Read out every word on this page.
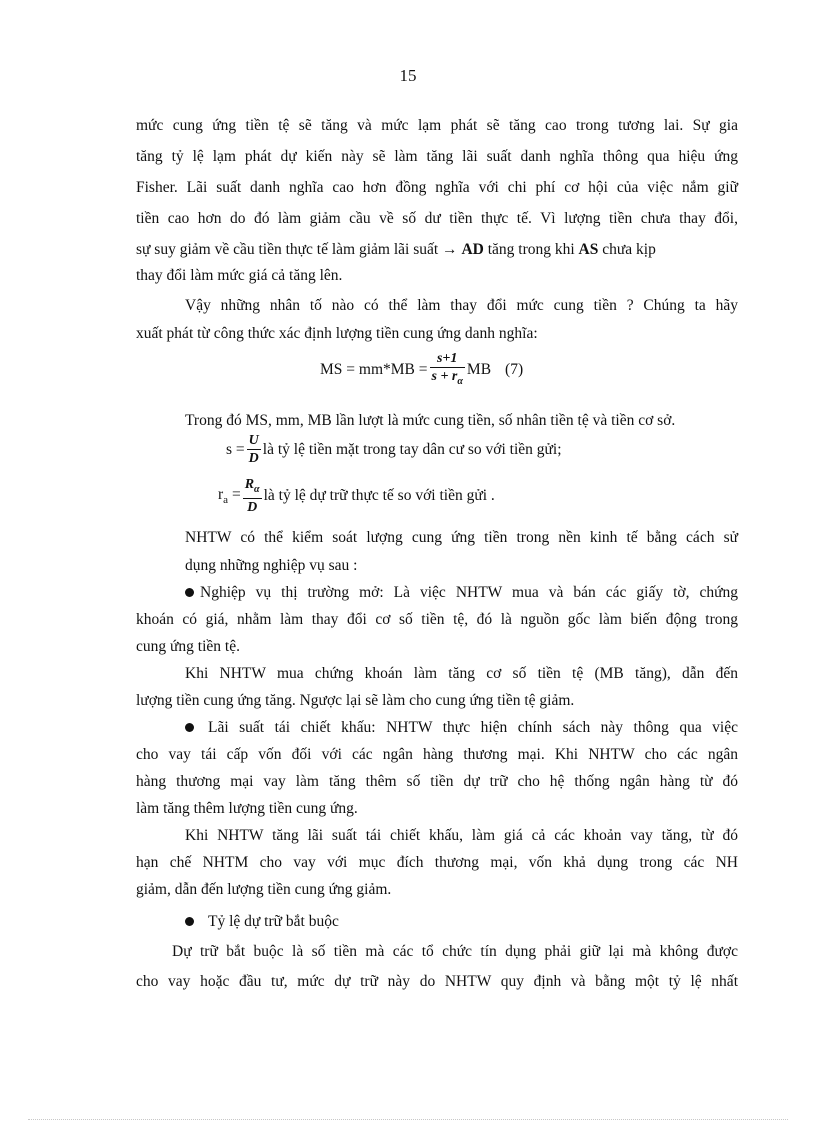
15
mức cung ứng tiền tệ sẽ tăng và mức lạm phát sẽ tăng cao trong tương lai. Sự gia
tăng tỷ lệ lạm phát dự kiến này sẽ làm tăng lãi suất danh nghĩa thông qua hiệu ứng
Fisher. Lãi suất danh nghĩa cao hơn đồng nghĩa với chi phí cơ hội của việc nắm giữ
tiền cao hơn do đó làm giảm cầu về số dư tiền thực tế. Vì lượng tiền chưa thay đổi,
sự suy giảm về cầu tiền thực tế làm giảm lãi suất → AD tăng trong khi AS chưa kịp
thay đổi làm mức giá cả tăng lên.
Vậy những nhân tố nào có thể làm thay đổi mức cung tiền ? Chúng ta hãy
xuất phát từ công thức xác định lượng tiền cung ứng danh nghĩa:
MS = $mm*MB = \frac{s+1}{s + r_\alpha}$ MB (7)
Trong đó MS, mm, MB lần lượt là mức cung tiền, số nhân tiền tệ và tiền cơ sở.
$s = \frac{U}{D}$ là tỷ lệ tiền mặt trong tay dân cư so với tiền gửi;
$r_a = \frac{R_\alpha}{D}$ là tỷ lệ dự trữ thực tế so với tiền gửi .
NHTW có thể kiểm soát lượng cung ứng tiền trong nền kinh tế bằng cách sử
dụng những nghiệp vụ sau :
Nghiệp vụ thị trường mở: Là việc NHTW mua và bán các giấy tờ, chứng
khoán có giá, nhằm làm thay đổi cơ số tiền tệ, đó là nguồn gốc làm biến động trong
cung ứng tiền tệ.
Khi NHTW mua chứng khoán làm tăng cơ số tiền tệ (MB tăng), dẫn đến
lượng tiền cung ứng tăng. Ngược lại sẽ làm cho cung ứng tiền tệ giảm.
Lãi suất tái chiết khấu: NHTW thực hiện chính sách này thông qua việc
cho vay tái cấp vốn đối với các ngân hàng thương mại. Khi NHTW cho các ngân
hàng thương mại vay làm tăng thêm số tiền dự trữ cho hệ thống ngân hàng từ đó
làm tăng thêm lượng tiền cung ứng.
Khi NHTW tăng lãi suất tái chiết khấu, làm giá cả các khoản vay tăng, từ đó
hạn chế NHTM cho vay với mục đích thương mại, vốn khả dụng trong các NH
giảm, dẫn đến lượng tiền cung ứng giảm.
Tỷ lệ dự trữ bắt buộc
Dự trữ bắt buộc là số tiền mà các tổ chức tín dụng phải giữ lại mà không được
cho vay hoặc đầu tư, mức dự trữ này do NHTW quy định và bằng một tỷ lệ nhất
